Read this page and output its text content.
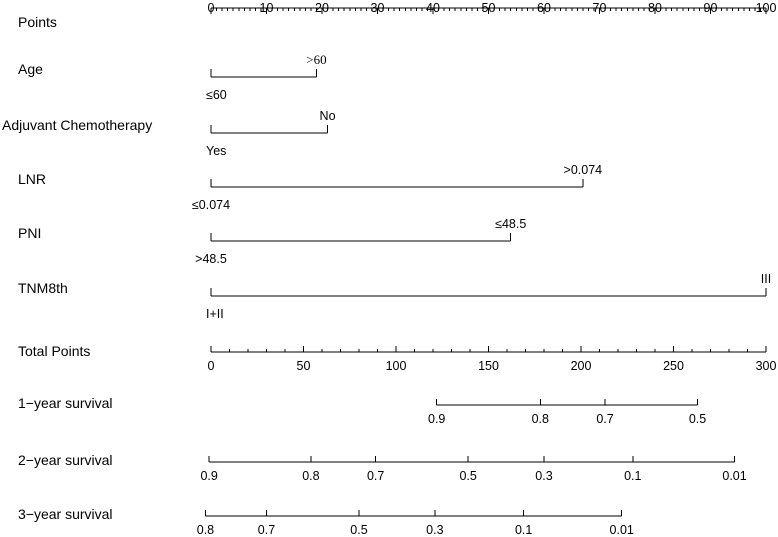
Points
0	10	20	30	40	50	60	70	80	90	100
Age
≤60
>60
Adjuvant Chemotherapy
Yes
No
LNR
≤0.074
>0.074
PNI
>48.5
≤48.5
TNM8th
I+II
III
Total Points
0	50	100	150	200	250	300
1−year survival
0.9	0.8	0.7	0.5
2−year survival
0.9	0.8	0.7	0.5	0.3	0.1	0.01
3−year survival
0.8	0.7	0.5	0.3	0.1	0.01
